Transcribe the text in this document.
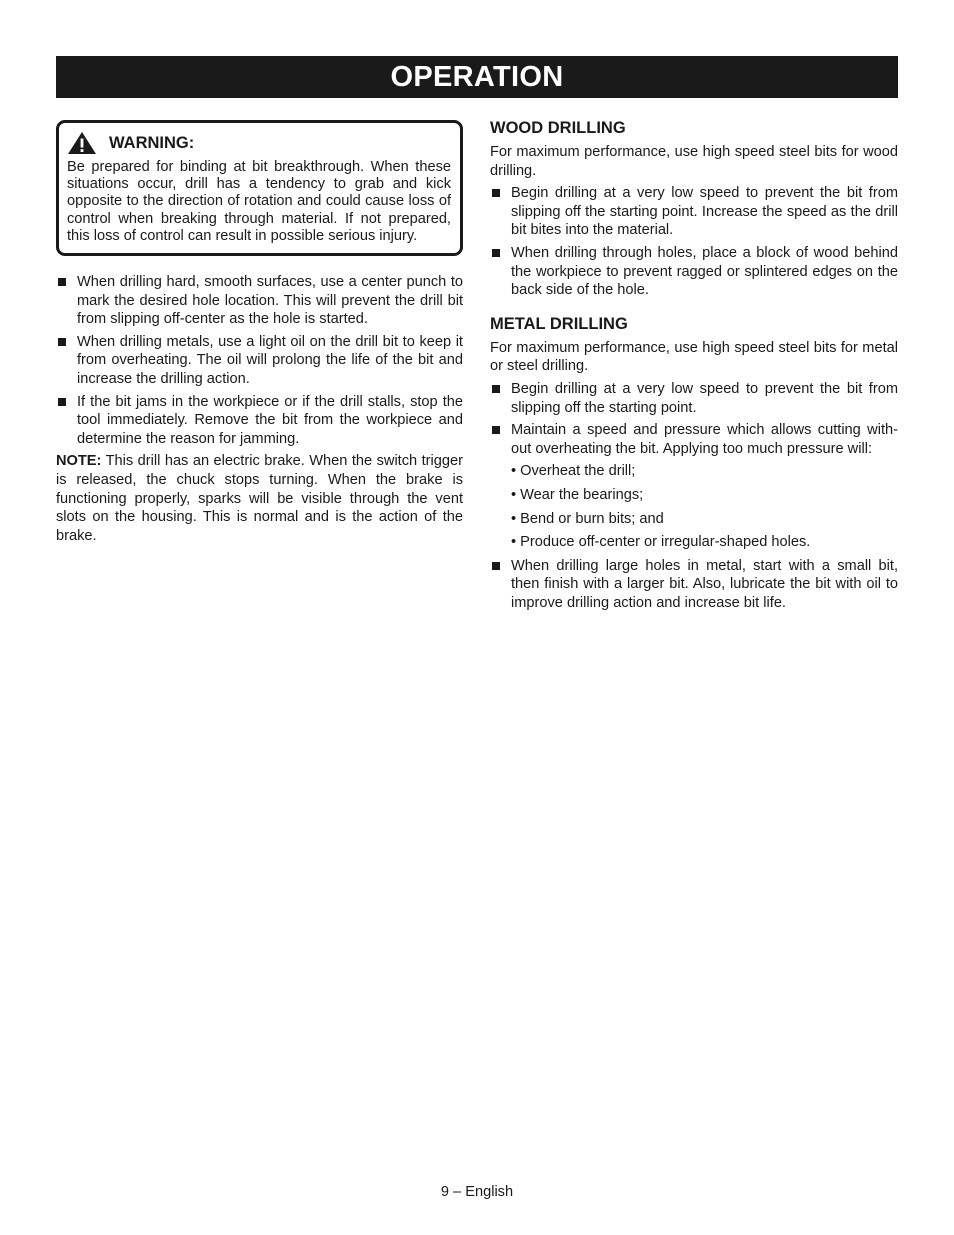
OPERATION
WARNING:
Be prepared for binding at bit breakthrough. When these situations occur, drill has a tendency to grab and kick opposite to the direction of rotation and could cause loss of control when breaking through material. If not prepared, this loss of control can result in possible serious injury.
When drilling hard, smooth surfaces, use a center punch to mark the desired hole location. This will prevent the drill bit from slipping off-center as the hole is started.
When drilling metals, use a light oil on the drill bit to keep it from overheating. The oil will prolong the life of the bit and increase the drilling action.
If the bit jams in the workpiece or if the drill stalls, stop the tool immediately. Remove the bit from the workpiece and determine the reason for jamming.
NOTE: This drill has an electric brake. When the switch trigger is released, the chuck stops turning. When the brake is functioning properly, sparks will be visible through the vent slots on the housing. This is normal and is the action of the brake.
WOOD DRILLING
For maximum performance, use high speed steel bits for wood drilling.
Begin drilling at a very low speed to prevent the bit from slipping off the starting point. Increase the speed as the drill bit bites into the material.
When drilling through holes, place a block of wood behind the workpiece to prevent ragged or splintered edges on the back side of the hole.
METAL DRILLING
For maximum performance, use high speed steel bits for metal or steel drilling.
Begin drilling at a very low speed to prevent the bit from slipping off the starting point.
Maintain a speed and pressure which allows cutting with-out overheating the bit. Applying too much pressure will:
• Overheat the drill;
• Wear the bearings;
• Bend or burn bits; and
• Produce off-center or irregular-shaped holes.
When drilling large holes in metal, start with a small bit, then finish with a larger bit. Also, lubricate the bit with oil to improve drilling action and increase bit life.
9 – English
